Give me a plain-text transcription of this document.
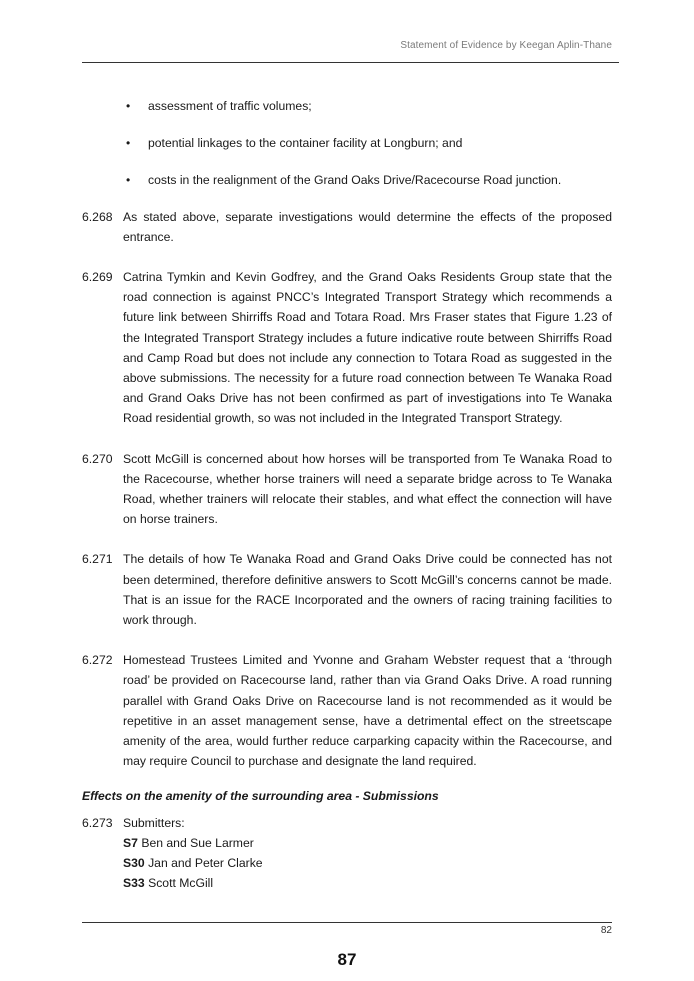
Statement of Evidence by Keegan Aplin-Thane
• assessment of traffic volumes;
• potential linkages to the container facility at Longburn; and
• costs in the realignment of the Grand Oaks Drive/Racecourse Road junction.
6.268 As stated above, separate investigations would determine the effects of the proposed entrance.
6.269 Catrina Tymkin and Kevin Godfrey, and the Grand Oaks Residents Group state that the road connection is against PNCC’s Integrated Transport Strategy which recommends a future link between Shirriffs Road and Totara Road. Mrs Fraser states that Figure 1.23 of the Integrated Transport Strategy includes a future indicative route between Shirriffs Road and Camp Road but does not include any connection to Totara Road as suggested in the above submissions. The necessity for a future road connection between Te Wanaka Road and Grand Oaks Drive has not been confirmed as part of investigations into Te Wanaka Road residential growth, so was not included in the Integrated Transport Strategy.
6.270 Scott McGill is concerned about how horses will be transported from Te Wanaka Road to the Racecourse, whether horse trainers will need a separate bridge across to Te Wanaka Road, whether trainers will relocate their stables, and what effect the connection will have on horse trainers.
6.271 The details of how Te Wanaka Road and Grand Oaks Drive could be connected has not been determined, therefore definitive answers to Scott McGill’s concerns cannot be made. That is an issue for the RACE Incorporated and the owners of racing training facilities to work through.
6.272 Homestead Trustees Limited and Yvonne and Graham Webster request that a ‘through road’ be provided on Racecourse land, rather than via Grand Oaks Drive. A road running parallel with Grand Oaks Drive on Racecourse land is not recommended as it would be repetitive in an asset management sense, have a detrimental effect on the streetscape amenity of the area, would further reduce carparking capacity within the Racecourse, and may require Council to purchase and designate the land required.
Effects on the amenity of the surrounding area - Submissions
6.273 Submitters:
S7 Ben and Sue Larmer
S30 Jan and Peter Clarke
S33 Scott McGill
82
87
